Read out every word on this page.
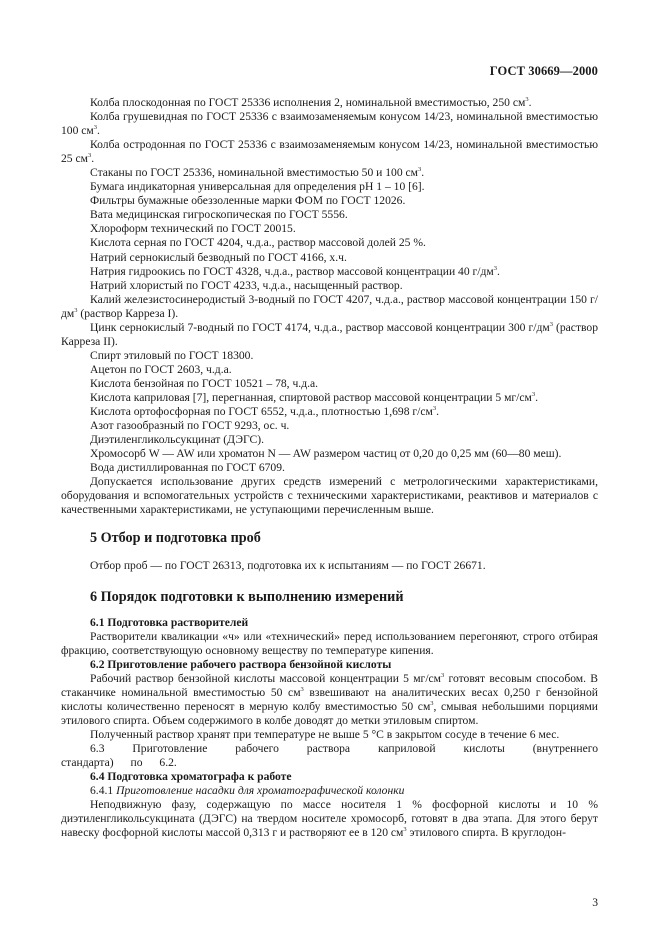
ГОСТ 30669—2000

Колба плоскодонная по ГОСТ 25336 исполнения 2, номинальной вместимостью, 250 $см^3$.

Колба грушевидная по ГОСТ 25336 с взаимозаменяемым конусом 14/23, номинальной вместимостью 100 $см^3$.

Колба остродонная по ГОСТ 25336 с взаимозаменяемым конусом 14/23, номинальной вместимостью 25 $см^3$.

Стаканы по ГОСТ 25336, номинальной вместимостью 50 и 100 $см^3$.

Бумага индикаторная универсальная для определения pH 1 – 10 [6].

Фильтры бумажные обеззоленные марки ФОМ по ГОСТ 12026.

Вата медицинская гигроскопическая по ГОСТ 5556.

Хлороформ технический по ГОСТ 20015.

Кислота серная по ГОСТ 4204, ч.д.а., раствор массовой долей 25 %.

Натрий сернокислый безводный по ГОСТ 4166, х.ч.

Натрия гидроокись по ГОСТ 4328, ч.д.а., раствор массовой концентрации 40 $г/дм^3$.

Натрий хлористый по ГОСТ 4233, ч.д.а., насыщенный раствор.

Калий железистосинеродистый 3-водный по ГОСТ 4207, ч.д.а., раствор массовой концентрации 150 $г/дм^3$ (раствор Карреза I).

Цинк сернокислый 7-водный по ГОСТ 4174, ч.д.а., раствор массовой концентрации 300 $г/дм^3$ (раствор Карреза II).

Спирт этиловый по ГОСТ 18300.

Ацетон по ГОСТ 2603, ч.д.а.

Кислота бензойная по ГОСТ 10521 – 78, ч.д.а.

Кислота каприловая [7], перегнанная, спиртовой раствор массовой концентрации 5 $мг/см^3$.

Кислота ортофосфорная по ГОСТ 6552, ч.д.а., плотностью 1,698 $г/см^3$.

Азот газообразный по ГОСТ 9293, ос. ч.

Диэтиленгликольсукцинат (ДЭГС).

Хромосорб W — AW или хроматон N — AW размером частиц от 0,20 до 0,25 мм (60—80 меш).

Вода дистиллированная по ГОСТ 6709.

Допускается использование других средств измерений с метрологическими характеристиками, оборудования и вспомогательных устройств с техническими характеристиками, реактивов и материалов с качественными характеристиками, не уступающими перечисленным выше.

5 Отбор и подготовка проб

Отбор проб — по ГОСТ 26313, подготовка их к испытаниям — по ГОСТ 26671.

6 Порядок подготовки к выполнению измерений
6.1 Подготовка растворителей

Растворители кваликации «ч» или «технический» перед использованием перегоняют, строго отбирая фракцию, соответствующую основному веществу по температуре кипения.

6.2 Приготовление рабочего раствора бензойной кислоты

Рабочий раствор бензойной кислоты массовой концентрации 5 $мг/см^3$ готовят весовым способом. В стаканчике номинальной вместимостью 50 $см^3$ взвешивают на аналитических весах 0,250 г бензойной кислоты количественно переносят в мерную колбу вместимостью 50 $см^3$, смывая небольшими порциями этилового спирта. Объем содержимого в колбе доводят до метки этиловым спиртом.

Полученный раствор хранят при температуре не выше 5 °С в закрытом сосуде в течение 6 мес.

6.3 Приготовление рабочего раствора каприловой кислоты (внутреннего стандарта) по 6.2.

6.4 Подготовка хроматографа к работе

6.4.1 Приготовление насадки для хроматографической колонки

Неподвижную фазу, содержащую по массе носителя 1 % фосфорной кислоты и 10 % диэтиленгликольсукцината (ДЭГС) на твердом носителе хромосорб, готовят в два этапа. Для этого берут навеску фосфорной кислоты массой 0,313 г и растворяют ее в 120 $см^3$ этилового спирта. В круглодон-

3
